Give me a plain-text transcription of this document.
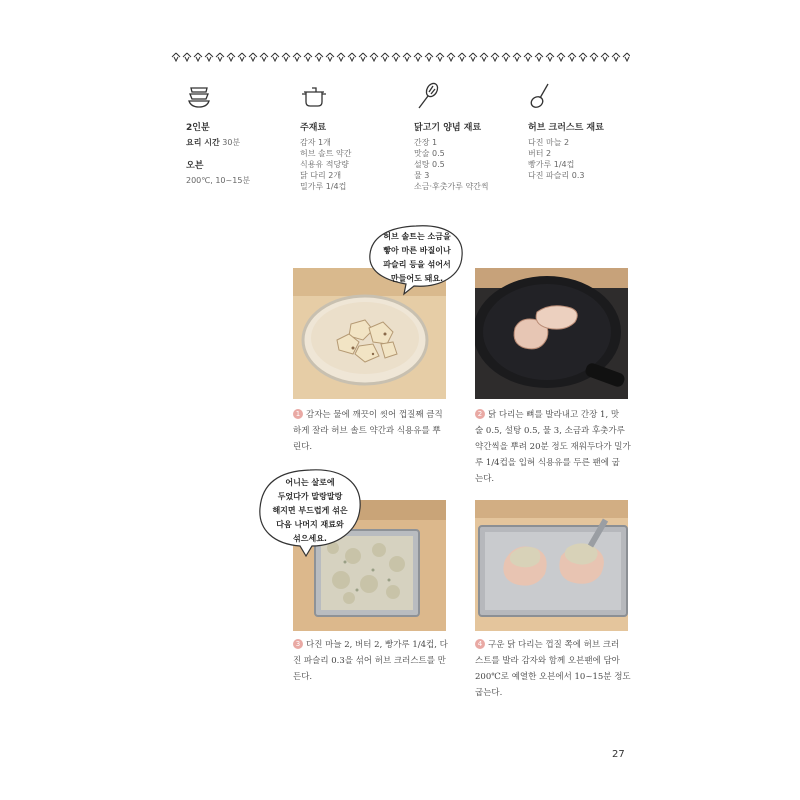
2인분
요리 시간 30분
오븐
200℃, 10~15분
주재료
감자 1개
허브 솔트 약간
식용유 적당량
닭 다리 2개
밀가루 1/4컵
닭고기 양념 재료
간장 1
맛술 0.5
설탕 0.5
물 3
소금·후춧가루 약간씩
허브 크러스트 재료
다진 마늘 2
버터 2
빵가루 1/4컵
다진 파슬리 0.3
허브 솔트는 소금을
빻아 마른 바질이나
파슬리 등을 섞어서
만들어도 돼요.
어니는 살로에
두었다가 말랑말랑
해지면 부드럽게 섞은
다음 나머지 재료와
섞으세요.
1 감자는 물에 깨끗이 씻어 껍질째 큼직
하게 잘라 허브 솔트 약간과 식용유를 뿌
린다.
2 닭 다리는 뼈를 발라내고 간장 1, 맛
술 0.5, 설탕 0.5, 물 3, 소금과 후춧가루
약간씩을 뿌려 20분 정도 재워두다가 밀가
루 1/4컵을 입혀 식용유를 두른 팬에 굽
는다.
3 다진 마늘 2, 버터 2, 빵가루 1/4컵, 다
진 파슬리 0.3을 섞어 허브 크러스트를 만
든다.
4 구운 닭 다리는 껍질 쪽에 허브 크러
스트를 발라 감자와 함께 오븐팬에 담아
200℃로 예열한 오븐에서 10~15분 정도
굽는다.
27
